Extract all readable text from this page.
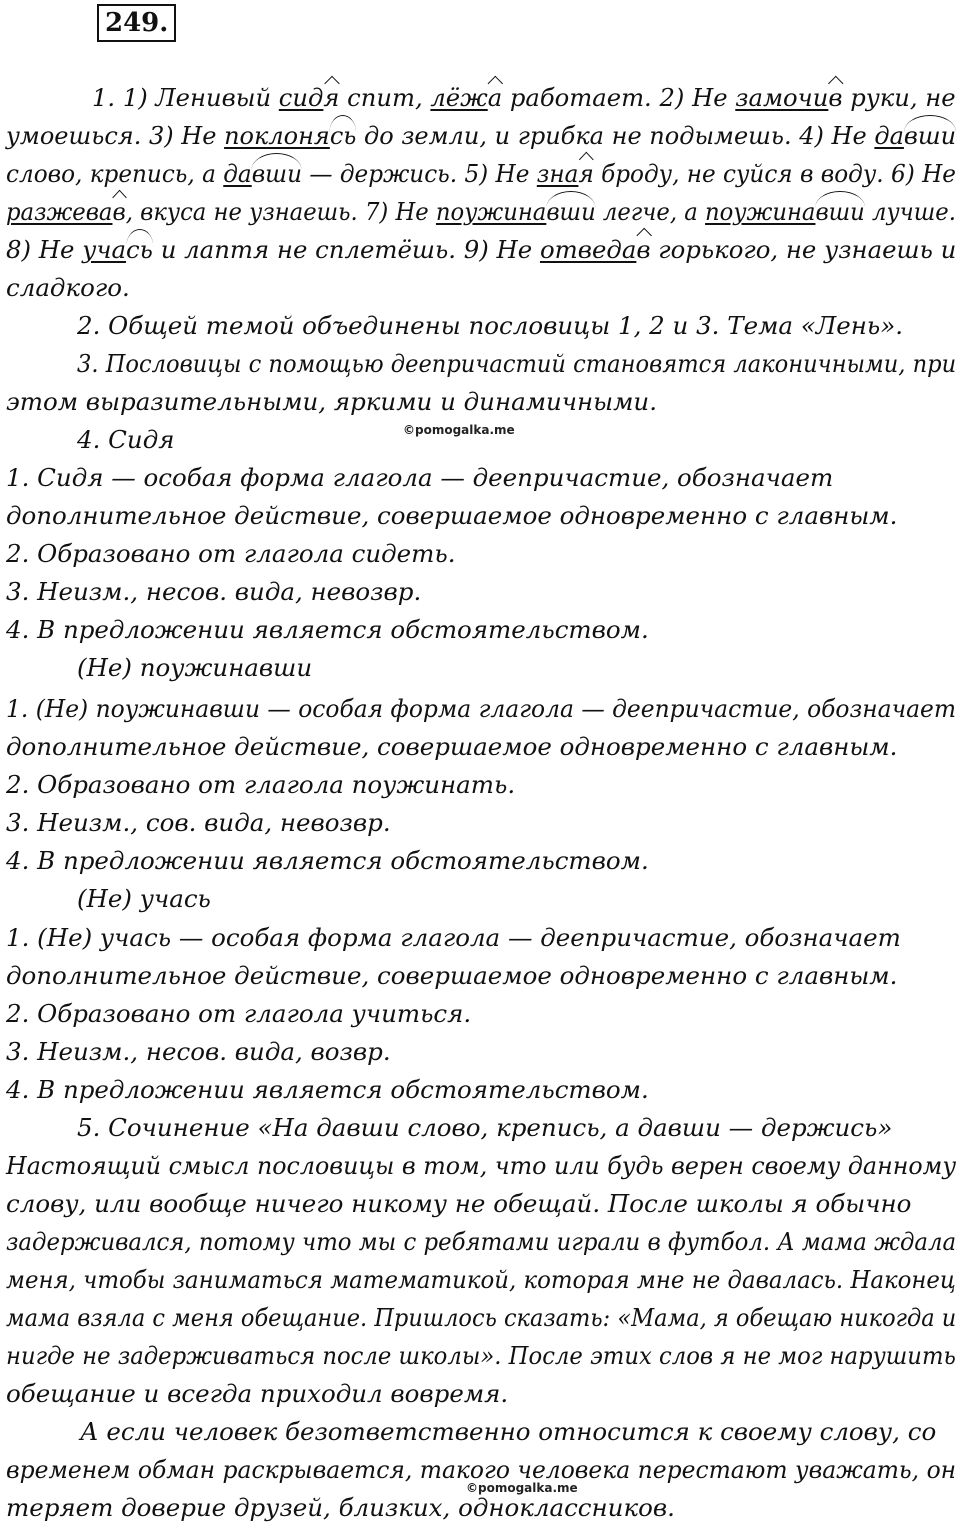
249.
1. 1) Ленивый сидя спит, лёжа работает. 2) Не замочив руки, не
умоешься. 3) Не поклонясь до земли, и грибка не подымешь. 4) Не давши
слово, крепись, а давши — держись. 5) Не зная броду, не суйся в воду. 6) Не
разжевав, вкуса не узнаешь. 7) Не поужинавши легче, а поужинавши лучше.
8) Не учась и лаптя не сплетёшь. 9) Не отведав горького, не узнаешь и
сладкого.
2. Общей темой объединены пословицы 1, 2 и 3. Тема «Лень».
3. Пословицы с помощью деепричастий становятся лаконичными, при
этом выразительными, яркими и динамичными.
4. Сидя	©pomogalka.me
1. Сидя — особая форма глагола — деепричастие, обозначает
дополнительное действие, совершаемое одновременно с главным.
2. Образовано от глагола сидеть.
3. Неизм., несов. вида, невозвр.
4. В предложении является обстоятельством.
(Не) поужинавши
1. (Не) поужинавши — особая форма глагола — деепричастие, обозначает
дополнительное действие, совершаемое одновременно с главным.
2. Образовано от глагола поужинать.
3. Неизм., сов. вида, невозвр.
4. В предложении является обстоятельством.
(Не) учась
1. (Не) учась — особая форма глагола — деепричастие, обозначает
дополнительное действие, совершаемое одновременно с главным.
2. Образовано от глагола учиться.
3. Неизм., несов. вида, возвр.
4. В предложении является обстоятельством.
5. Сочинение «На давши слово, крепись, а давши — держись»
Настоящий смысл пословицы в том, что или будь верен своему данному
слову, или вообще ничего никому не обещай. После школы я обычно
задерживался, потому что мы с ребятами играли в футбол. А мама ждала
меня, чтобы заниматься математикой, которая мне не давалась. Наконец
мама взяла с меня обещание. Пришлось сказать: «Мама, я обещаю никогда и
нигде не задерживаться после школы». После этих слов я не мог нарушить
обещание и всегда приходил вовремя.
А если человек безответственно относится к своему слову, со
временем обман раскрывается, такого человека перестают уважать, он
теряет доверие друзей, близких, одноклассников.
©pomogalka.me
